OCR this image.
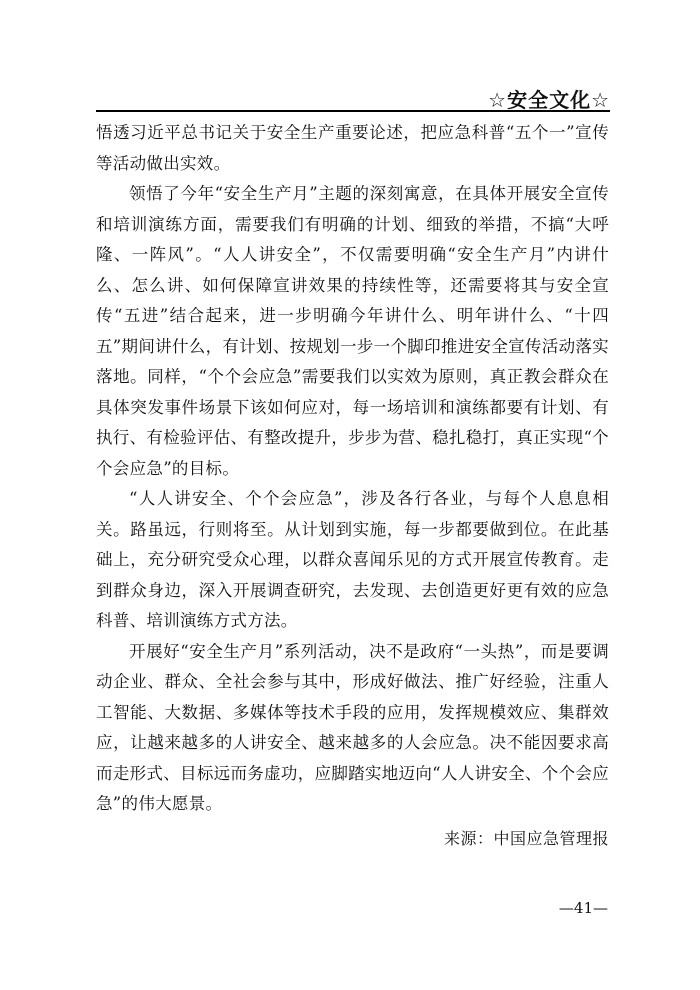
☆安全文化☆

悟透习近平总书记关于安全生产重要论述，把应急科普“五个一”宣传等活动做出实效。

领悟了今年“安全生产月”主题的深刻寓意，在具体开展安全宣传和培训演练方面，需要我们有明确的计划、细致的举措，不搞“大呼隆、一阵风”。“人人讲安全”，不仅需要明确“安全生产月”内讲什么、怎么讲、如何保障宣讲效果的持续性等，还需要将其与安全宣传“五进”结合起来，进一步明确今年讲什么、明年讲什么、“十四五”期间讲什么，有计划、按规划一步一个脚印推进安全宣传活动落实落地。同样，“个个会应急”需要我们以实效为原则，真正教会群众在具体突发事件场景下该如何应对，每一场培训和演练都要有计划、有执行、有检验评估、有整改提升，步步为营、稳扎稳打，真正实现“个个会应急”的目标。

“人人讲安全、个个会应急”，涉及各行各业，与每个人息息相关。路虽远，行则将至。从计划到实施，每一步都要做到位。在此基础上，充分研究受众心理，以群众喜闻乐见的方式开展宣传教育。走到群众身边，深入开展调查研究，去发现、去创造更好更有效的应急科普、培训演练方式方法。

开展好“安全生产月”系列活动，决不是政府“一头热”，而是要调动企业、群众、全社会参与其中，形成好做法、推广好经验，注重人工智能、大数据、多媒体等技术手段的应用，发挥规模效应、集群效应，让越来越多的人讲安全、越来越多的人会应急。决不能因要求高而走形式、目标远而务虚功，应脚踏实地迈向“人人讲安全、个个会应急”的伟大愿景。

来源：中国应急管理报
—41—
